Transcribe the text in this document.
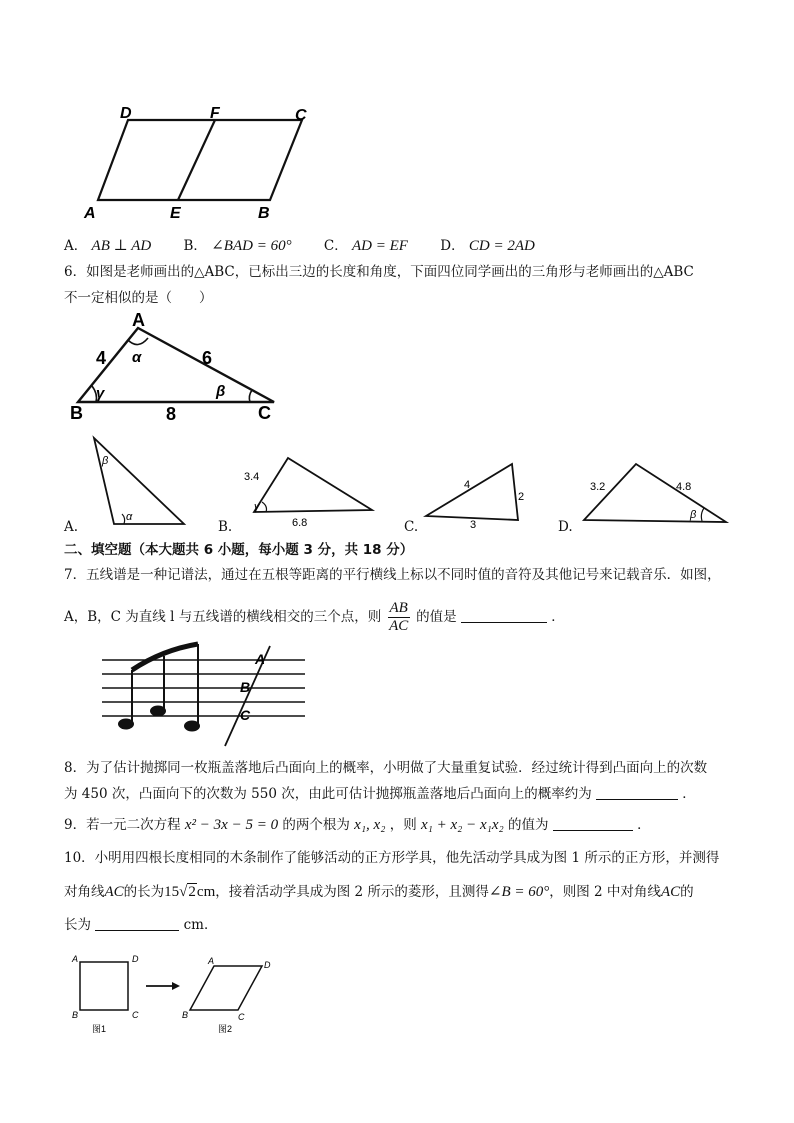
D	F	C
A	E	B
A． AB ⊥ AD B． ∠BAD = 60° C． AD = EF D． CD = 2AD
6．如图是老师画出的△ABC，已标出三边的长度和角度，下面四位同学画出的三角形与老师画出的△ABC
不一定相似的是（　　）
A
B	C
4	6
8
α
γ	β
A.
β
α
B.
3.4
γ
6.8	C.
4
2
3	D.
3.2	4.8
β
二、填空题（本大题共 6 小题，每小题 3 分，共 18 分）
7．五线谱是一种记谱法，通过在五根等距离的平行横线上标以不同时值的音符及其他记号来记载音乐．如图，
A，B，C 为直线 l 与五线谱的横线相交的三个点，则 $\frac{AB}{AC}$ 的值是	．
A
B
C
8．为了估计抛掷同一枚瓶盖落地后凸面向上的概率，小明做了大量重复试验．经过统计得到凸面向上的次数
为 450 次，凸面向下的次数为 550 次，由此可估计抛掷瓶盖落地后凸面向上的概率约为	．
9．若一元二次方程 x² − 3x − 5 = 0 的两个根为 x₁, x₂ ，则 x₁ + x₂ − x₁x₂ 的值为	．
10．小明用四根长度相同的木条制作了能够活动的正方形学具，他先活动学具成为图 1 所示的正方形，并测得
对角线AC的长为15√2cm，接着活动学具成为图 2 所示的菱形，且测得∠B = 60°，则图 2 中对角线AC的
长为	cm．
A	D
B	C
图1
A	D
B	C
图2
